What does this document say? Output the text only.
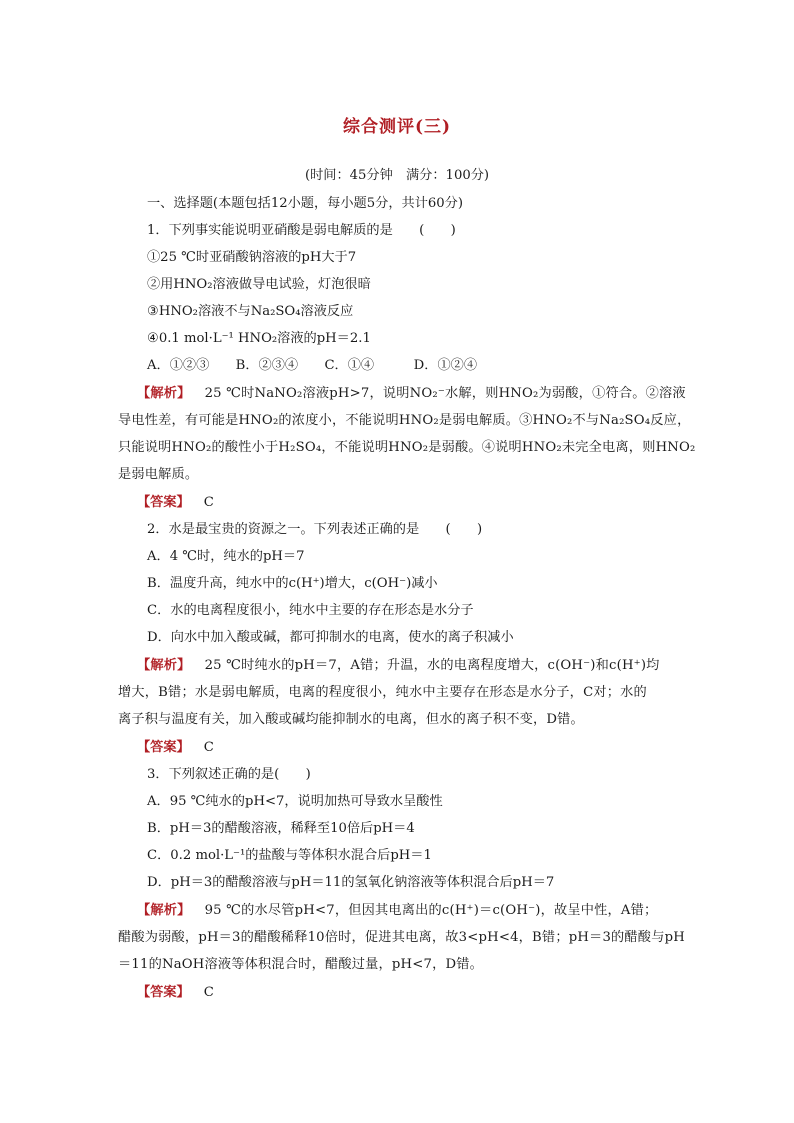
综合测评(三)
(时间：45分钟　满分：100分)
一、选择题(本题包括12小题，每小题5分，共计60分)
1．下列事实能说明亚硝酸是弱电解质的是　　(　　)
①25 ℃时亚硝酸钠溶液的pH大于7
②用HNO₂溶液做导电试验，灯泡很暗
③HNO₂溶液不与Na₂SO₄溶液反应
④0.1 mol·L⁻¹ HNO₂溶液的pH＝2.1
A．①②③　　B．②③④　　C．①④　　　D．①②④
【解析】 25 ℃时NaNO₂溶液pH>7，说明NO₂⁻水解，则HNO₂为弱酸，①符合。②溶液
导电性差，有可能是HNO₂的浓度小，不能说明HNO₂是弱电解质。③HNO₂不与Na₂SO₄反应，
只能说明HNO₂的酸性小于H₂SO₄，不能说明HNO₂是弱酸。④说明HNO₂未完全电离，则HNO₂
是弱电解质。
【答案】 C
2．水是最宝贵的资源之一。下列表述正确的是　　(　　)
A．4 ℃时，纯水的pH＝7
B．温度升高，纯水中的c(H⁺)增大，c(OH⁻)减小
C．水的电离程度很小，纯水中主要的存在形态是水分子
D．向水中加入酸或碱，都可抑制水的电离，使水的离子积减小
【解析】 25 ℃时纯水的pH＝7，A错；升温，水的电离程度增大，c(OH⁻)和c(H⁺)均
增大，B错；水是弱电解质，电离的程度很小，纯水中主要存在形态是水分子，C对；水的
离子积与温度有关，加入酸或碱均能抑制水的电离，但水的离子积不变，D错。
【答案】 C
3．下列叙述正确的是(　　)
A．95 ℃纯水的pH<7，说明加热可导致水呈酸性
B．pH＝3的醋酸溶液，稀释至10倍后pH＝4
C．0.2 mol·L⁻¹的盐酸与等体积水混合后pH＝1
D．pH＝3的醋酸溶液与pH＝11的氢氧化钠溶液等体积混合后pH＝7
【解析】 95 ℃的水尽管pH<7，但因其电离出的c(H⁺)＝c(OH⁻)，故呈中性，A错；
醋酸为弱酸，pH＝3的醋酸稀释10倍时，促进其电离，故3<pH<4，B错；pH＝3的醋酸与pH
＝11的NaOH溶液等体积混合时，醋酸过量，pH<7，D错。
【答案】 C
